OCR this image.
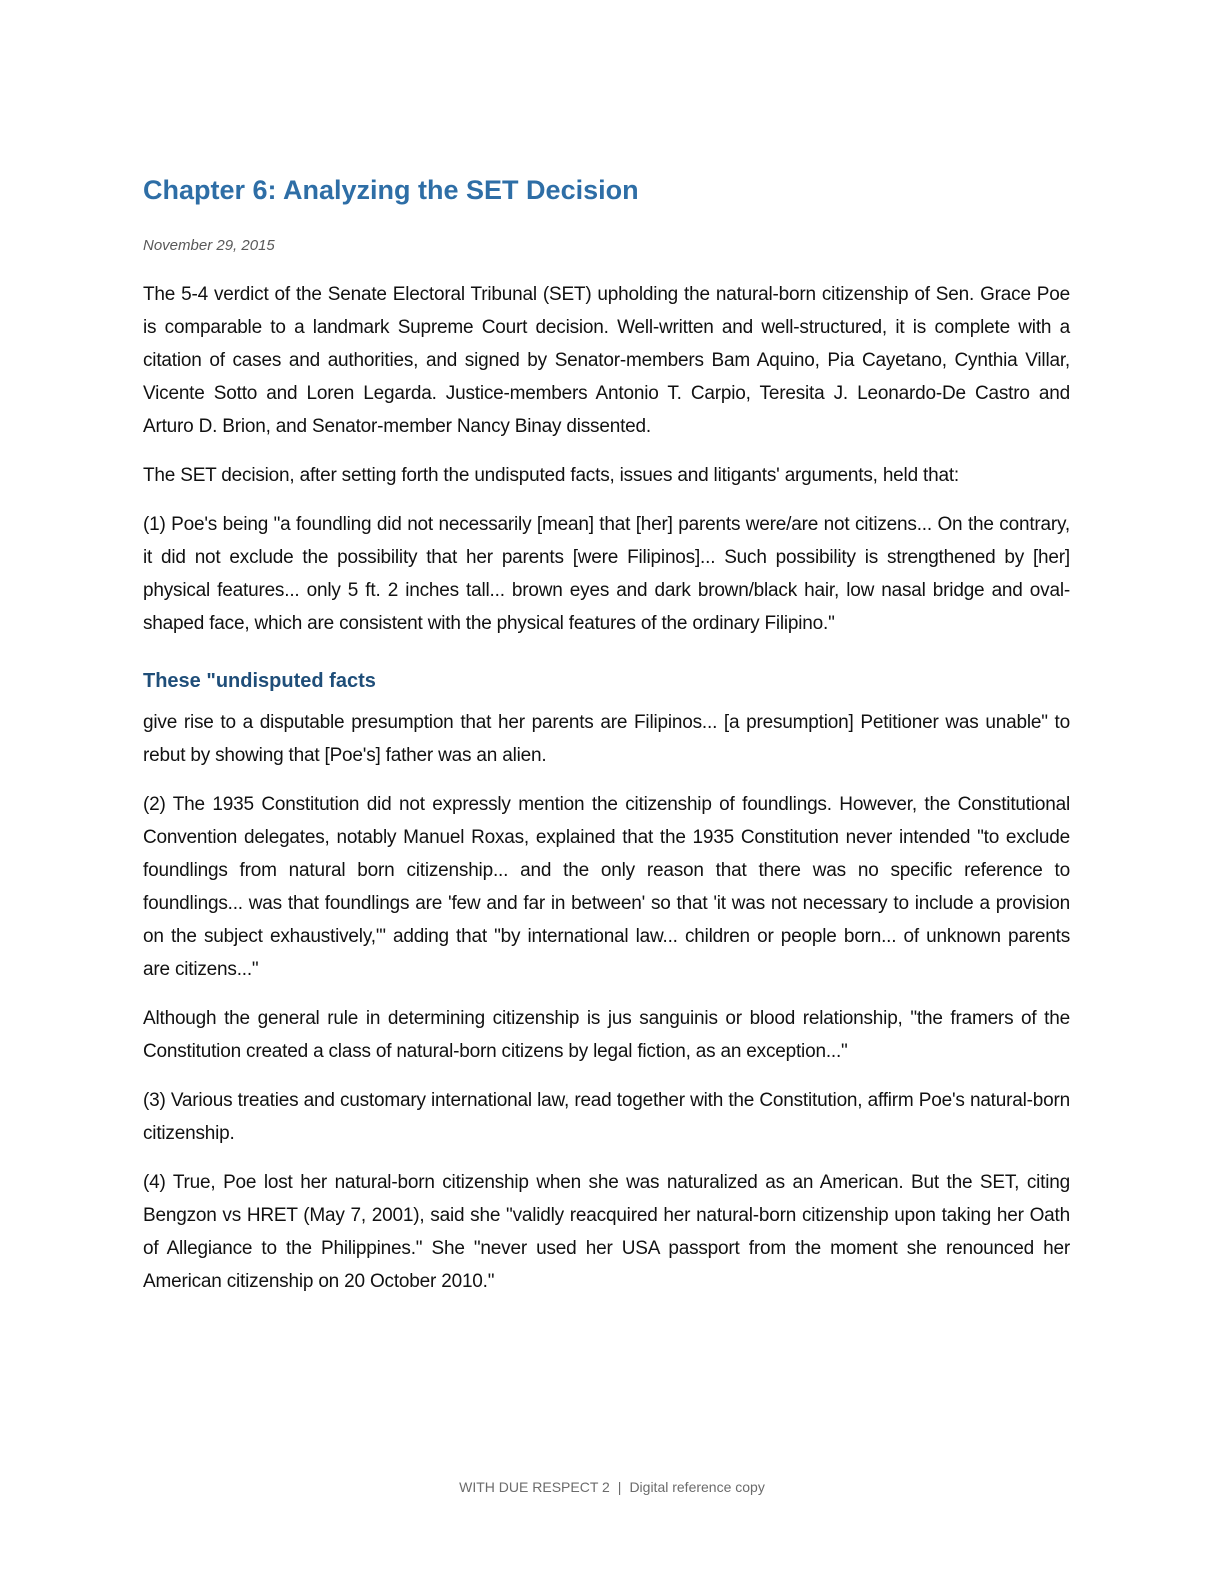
Chapter 6: Analyzing the SET Decision
November 29, 2015

The 5-4 verdict of the Senate Electoral Tribunal (SET) upholding the natural-born citizenship of Sen. Grace Poe is comparable to a landmark Supreme Court decision. Well-written and well-structured, it is complete with a citation of cases and authorities, and signed by Senator-members Bam Aquino, Pia Cayetano, Cynthia Villar, Vicente Sotto and Loren Legarda. Justice-members Antonio T. Carpio, Teresita J. Leonardo-De Castro and Arturo D. Brion, and Senator-member Nancy Binay dissented.

The SET decision, after setting forth the undisputed facts, issues and litigants' arguments, held that:

(1) Poe's being "a foundling did not necessarily [mean] that [her] parents were/are not citizens... On the contrary, it did not exclude the possibility that her parents [were Filipinos]... Such possibility is strengthened by [her] physical features... only 5 ft. 2 inches tall... brown eyes and dark brown/black hair, low nasal bridge and oval-shaped face, which are consistent with the physical features of the ordinary Filipino."

These "undisputed facts

give rise to a disputable presumption that her parents are Filipinos... [a presumption] Petitioner was unable" to rebut by showing that [Poe's] father was an alien.

(2) The 1935 Constitution did not expressly mention the citizenship of foundlings. However, the Constitutional Convention delegates, notably Manuel Roxas, explained that the 1935 Constitution never intended "to exclude foundlings from natural born citizenship... and the only reason that there was no specific reference to foundlings... was that foundlings are 'few and far in between' so that 'it was not necessary to include a provision on the subject exhaustively,'" adding that "by international law... children or people born... of unknown parents are citizens..."

Although the general rule in determining citizenship is jus sanguinis or blood relationship, "the framers of the Constitution created a class of natural-born citizens by legal fiction, as an exception..."

(3) Various treaties and customary international law, read together with the Constitution, affirm Poe's natural-born citizenship.

(4) True, Poe lost her natural-born citizenship when she was naturalized as an American. But the SET, citing Bengzon vs HRET (May 7, 2001), said she "validly reacquired her natural-born citizenship upon taking her Oath of Allegiance to the Philippines." She "never used her USA passport from the moment she renounced her American citizenship on 20 October 2010."

WITH DUE RESPECT 2 | Digital reference copy
